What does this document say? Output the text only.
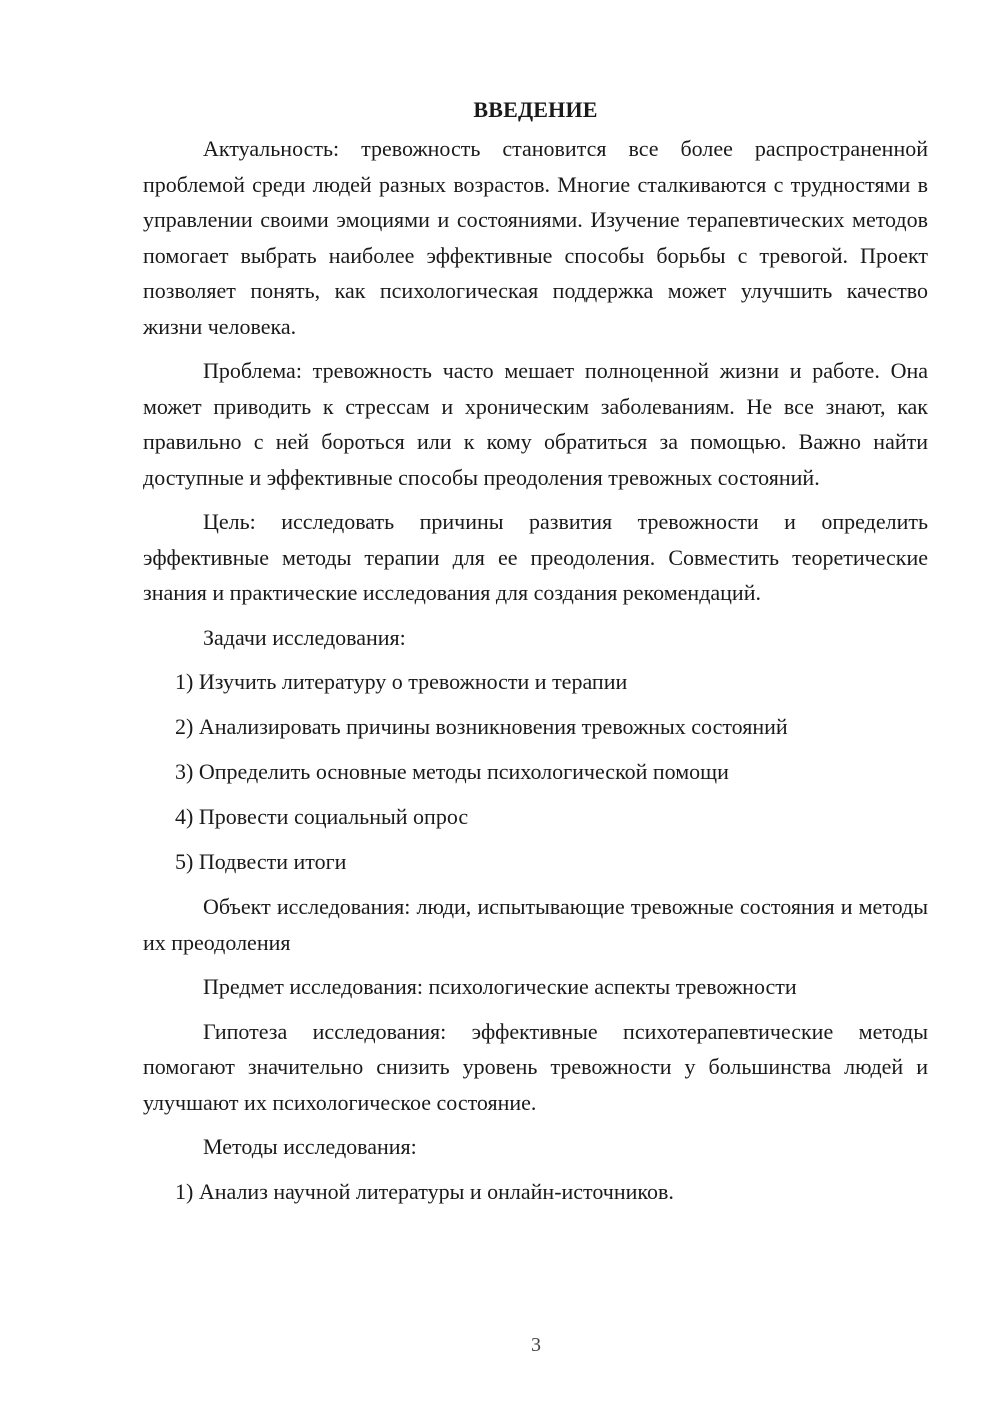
ВВЕДЕНИЕ

Актуальность: тревожность становится все более распространенной проблемой среди людей разных возрастов. Многие сталкиваются с трудностями в управлении своими эмоциями и состояниями. Изучение терапевтических методов помогает выбрать наиболее эффективные способы борьбы с тревогой. Проект позволяет понять, как психологическая поддержка может улучшить качество жизни человека.

Проблема: тревожность часто мешает полноценной жизни и работе. Она может приводить к стрессам и хроническим заболеваниям. Не все знают, как правильно с ней бороться или к кому обратиться за помощью. Важно найти доступные и эффективные способы преодоления тревожных состояний.

Цель: исследовать причины развития тревожности и определить эффективные методы терапии для ее преодоления. Совместить теоретические знания и практические исследования для создания рекомендаций.

Задачи исследования:

1) Изучить литературу о тревожности и терапии
2) Анализировать причины возникновения тревожных состояний
3) Определить основные методы психологической помощи
4) Провести социальный опрос
5) Подвести итоги

Объект исследования: люди, испытывающие тревожные состояния и методы их преодоления

Предмет исследования: психологические аспекты тревожности

Гипотеза исследования: эффективные психотерапевтические методы помогают значительно снизить уровень тревожности у большинства людей и улучшают их психологическое состояние.

Методы исследования:

1) Анализ научной литературы и онлайн-источников.
3
